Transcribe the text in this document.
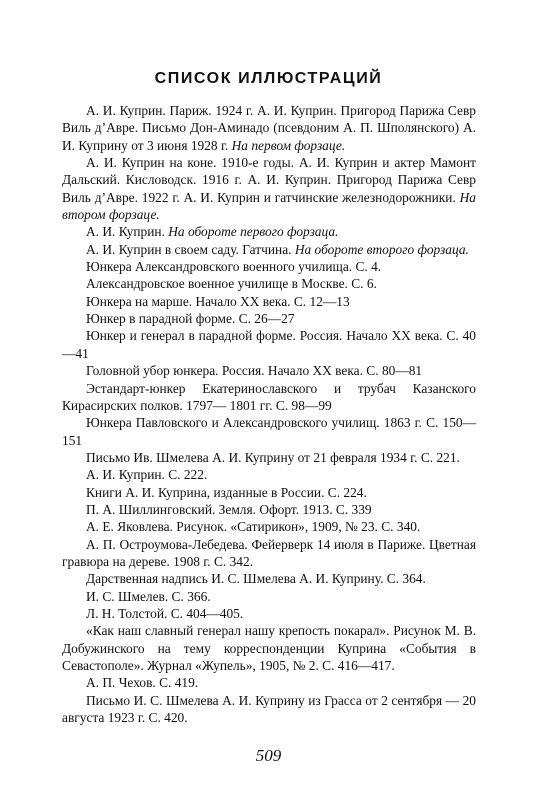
СПИСОК ИЛЛЮСТРАЦИЙ

А. И. Куприн. Париж. 1924 г. А. И. Куприн. Пригород Парижа Севр Виль д’Авре. Письмо Дон-Аминадо (псевдоним А. П. Шполянского) А. И. Куприну от 3 июня 1928 г. На первом форзаце.

А. И. Куприн на коне. 1910-е годы. А. И. Куприн и актер Мамонт Дальский. Кисловодск. 1916 г. А. И. Куприн. Пригород Парижа Севр Виль д’Авре. 1922 г. А. И. Куприн и гатчинские железнодорожники. На втором форзаце.

А. И. Куприн. На обороте первого форзаца.

А. И. Куприн в своем саду. Гатчина. На обороте второго форзаца.

Юнкера Александровского военного училища. С. 4.

Александровское военное училище в Москве. С. 6.

Юнкера на марше. Начало XX века. С. 12—13

Юнкер в парадной форме. С. 26—27

Юнкер и генерал в парадной форме. Россия. Начало XX века. С. 40—41

Головной убор юнкера. Россия. Начало XX века. С. 80—81

Эстандарт-юнкер Екатеринославского и трубач Казанского Кирасирских полков. 1797— 1801 гг. С. 98—99

Юнкера Павловского и Александровского училищ. 1863 г. С. 150—151

Письмо Ив. Шмелева А. И. Куприну от 21 февраля 1934 г. С. 221.

А. И. Куприн. С. 222.

Книги А. И. Куприна, изданные в России. С. 224.

П. А. Шиллинговский. Земля. Офорт. 1913. С. 339

А. Е. Яковлева. Рисунок. «Сатирикон», 1909, № 23. С. 340.

А. П. Остроумова-Лебедева. Фейерверк 14 июля в Париже. Цветная гравюра на дереве. 1908 г. С. 342.

Дарственная надпись И. С. Шмелева А. И. Куприну. С. 364.

И. С. Шмелев. С. 366.

Л. Н. Толстой. С. 404—405.

«Как наш славный генерал нашу крепость покарал». Рисунок М. В. Добужинского на тему корреспонденции Куприна «События в Севастополе». Журнал «Жупель», 1905, № 2. С. 416—417.

А. П. Чехов. С. 419.

Письмо И. С. Шмелева А. И. Куприну из Грасса от 2 сентября — 20 августа 1923 г. С. 420.

509
